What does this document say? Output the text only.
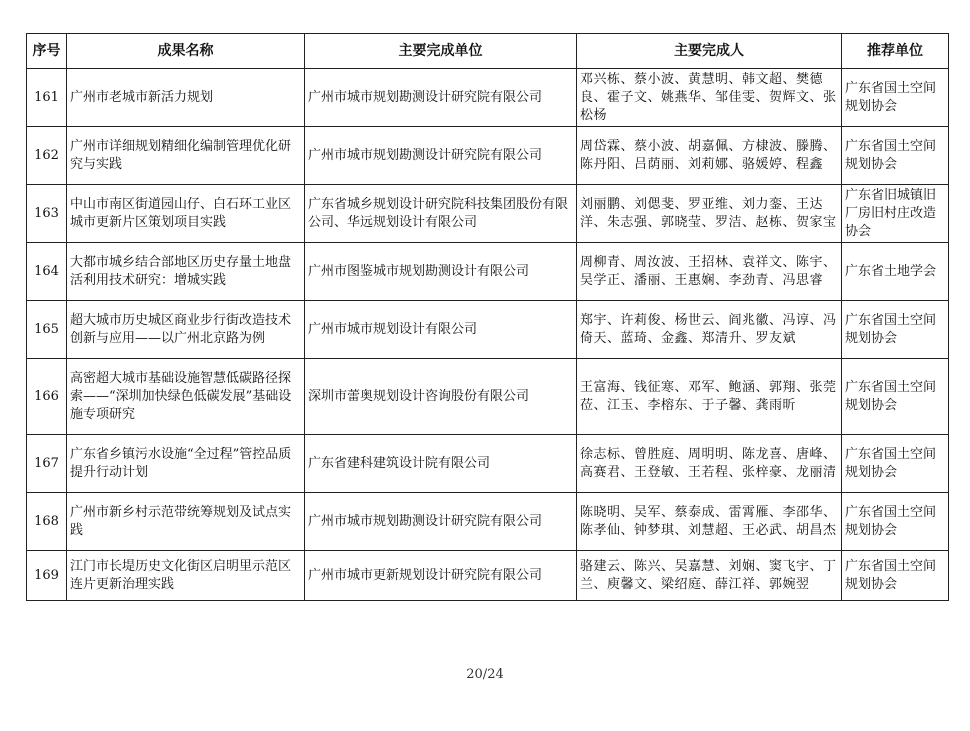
序号	成果名称	主要完成单位	主要完成人	推荐单位
161	广州市老城市新活力规划	广州市城市规划勘测设计研究院有限公司	邓兴栋、蔡小波、黄慧明、韩文超、樊德良、霍子文、姚燕华、邹佳雯、贺辉文、张松杨	广东省国土空间规划协会
162	广州市详细规划精细化编制管理优化研究与实践	广州市城市规划勘测设计研究院有限公司	周岱霖、蔡小波、胡嘉佩、方棣波、滕腾、陈丹阳、吕荫丽、刘莉娜、骆媛婷、程鑫	广东省国土空间规划协会
163	中山市南区街道园山仔、白石环工业区城市更新片区策划项目实践	广东省城乡规划设计研究院科技集团股份有限公司、华远规划设计有限公司	刘丽鹏、刘偲斐、罗亚维、刘力銮、王达洋、朱志强、郭晓莹、罗洁、赵栋、贺家宝	广东省旧城镇旧厂房旧村庄改造协会
164	大都市城乡结合部地区历史存量土地盘活利用技术研究：增城实践	广州市图鉴城市规划勘测设计有限公司	周柳青、周汝波、王招林、袁祥文、陈宇、吴学正、潘丽、王惠娴、李劲青、冯思睿	广东省土地学会
165	超大城市历史城区商业步行街改造技术创新与应用——以广州北京路为例	广州市城市规划设计有限公司	郑宇、许莉俊、杨世云、阎兆徽、冯谆、冯倚天、蓝琦、金鑫、郑清升、罗友斌	广东省国土空间规划协会
166	高密超大城市基础设施智慧低碳路径探索——“深圳加快绿色低碳发展”基础设施专项研究	深圳市蕾奥规划设计咨询股份有限公司	王富海、钱征寒、邓军、鲍涵、郭翔、张莞莅、江玉、李榕东、于子馨、龚雨昕	广东省国土空间规划协会
167	广东省乡镇污水设施“全过程”管控品质提升行动计划	广东省建科建筑设计院有限公司	徐志标、曾胜庭、周明明、陈龙喜、唐峰、高赛君、王登敏、王若程、张梓豪、龙丽清	广东省国土空间规划协会
168	广州市新乡村示范带统筹规划及试点实践	广州市城市规划勘测设计研究院有限公司	陈晓明、吴军、蔡泰成、雷霄雁、李邵华、陈孝仙、钟梦琪、刘慧超、王必武、胡昌杰	广东省国土空间规划协会
169	江门市长堤历史文化街区启明里示范区连片更新治理实践	广州市城市更新规划设计研究院有限公司	骆建云、陈兴、吴嘉慧、刘娴、窦飞宇、丁兰、庾馨文、梁绍庭、薛江祥、郭婉翌	广东省国土空间规划协会
20/24
